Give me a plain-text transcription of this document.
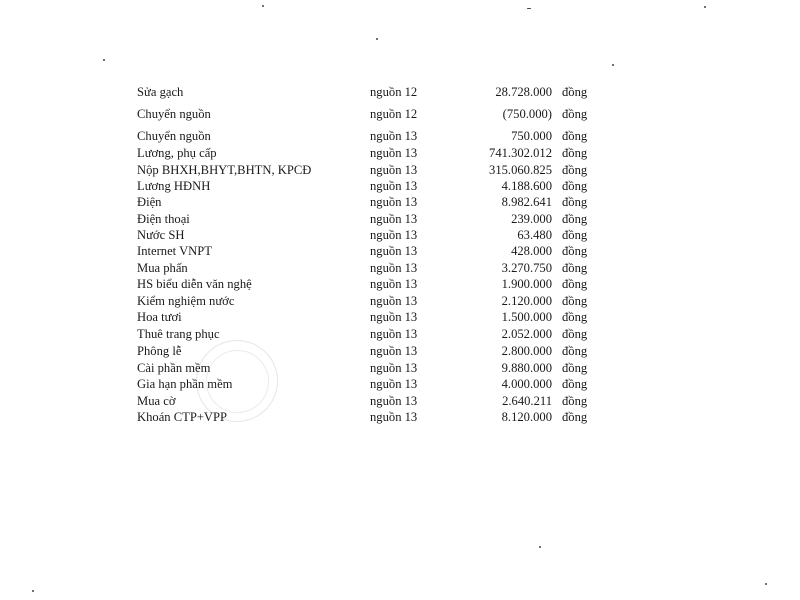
Sửa gạch	nguồn 12	28.728.000 đồng
Chuyển nguồn	nguồn 12	(750.000) đồng
Chuyển nguồn	nguồn 13	750.000 đồng
Lương, phụ cấp	nguồn 13	741.302.012 đồng
Nộp BHXH,BHYT,BHTN, KPCĐ	nguồn 13	315.060.825 đồng
Lương HĐNH	nguồn 13	4.188.600 đồng
Điện	nguồn 13	8.982.641 đồng
Điện thoại	nguồn 13	239.000 đồng
Nước SH	nguồn 13	63.480 đồng
Internet VNPT	nguồn 13	428.000 đồng
Mua phấn	nguồn 13	3.270.750 đồng
HS biểu diễn văn nghệ	nguồn 13	1.900.000 đồng
Kiểm nghiệm nước	nguồn 13	2.120.000 đồng
Hoa tươi	nguồn 13	1.500.000 đồng
Thuê trang phục	nguồn 13	2.052.000 đồng
Phông lễ	nguồn 13	2.800.000 đồng
Cài phần mềm	nguồn 13	9.880.000 đồng
Gia hạn phần mềm	nguồn 13	4.000.000 đồng
Mua cờ	nguồn 13	2.640.211 đồng
Khoán CTP+VPP	nguồn 13	8.120.000 đồng
